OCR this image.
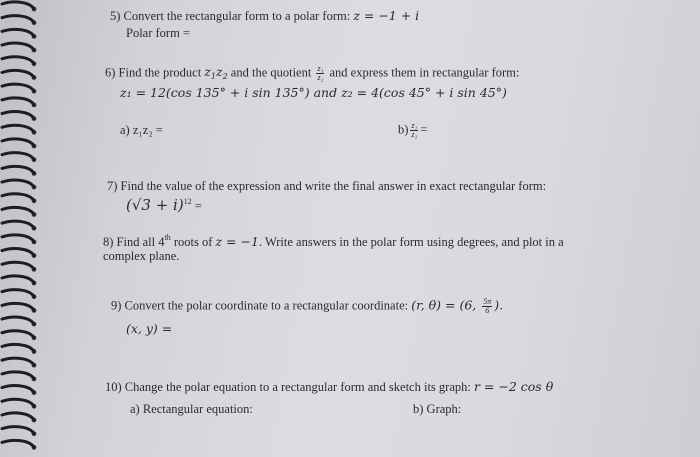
5) Convert the rectangular form to a polar form: z = −1 + i
Polar form =
6) Find the product $z_1z_2$ and the quotient $\frac{\text{z₁}}{\text{z₂}}$ and express them in rectangular form:
z₁ = 12(cos 135° + i sin 135°) and z₂ = 4(cos 45° + i sin 45°)
a) z₁z₂ =	$b) \frac{\text{z₁}}{\text{z₂}}$ =
7) Find the value of the expression and write the final answer in exact rectangular form:
$(√3 + i)^{12}$ =
8) Find all 4th roots of z = −1. Write answers in the polar form using degrees, and plot in a
complex plane.
9) Convert the polar coordinate to a rectangular coordinate: (r, θ) = (6, $\frac{5\pi}{6}$ ).
(x, y) =
10) Change the polar equation to a rectangular form and sketch its graph: r = −2 cos θ
a) Rectangular equation:	b) Graph:
